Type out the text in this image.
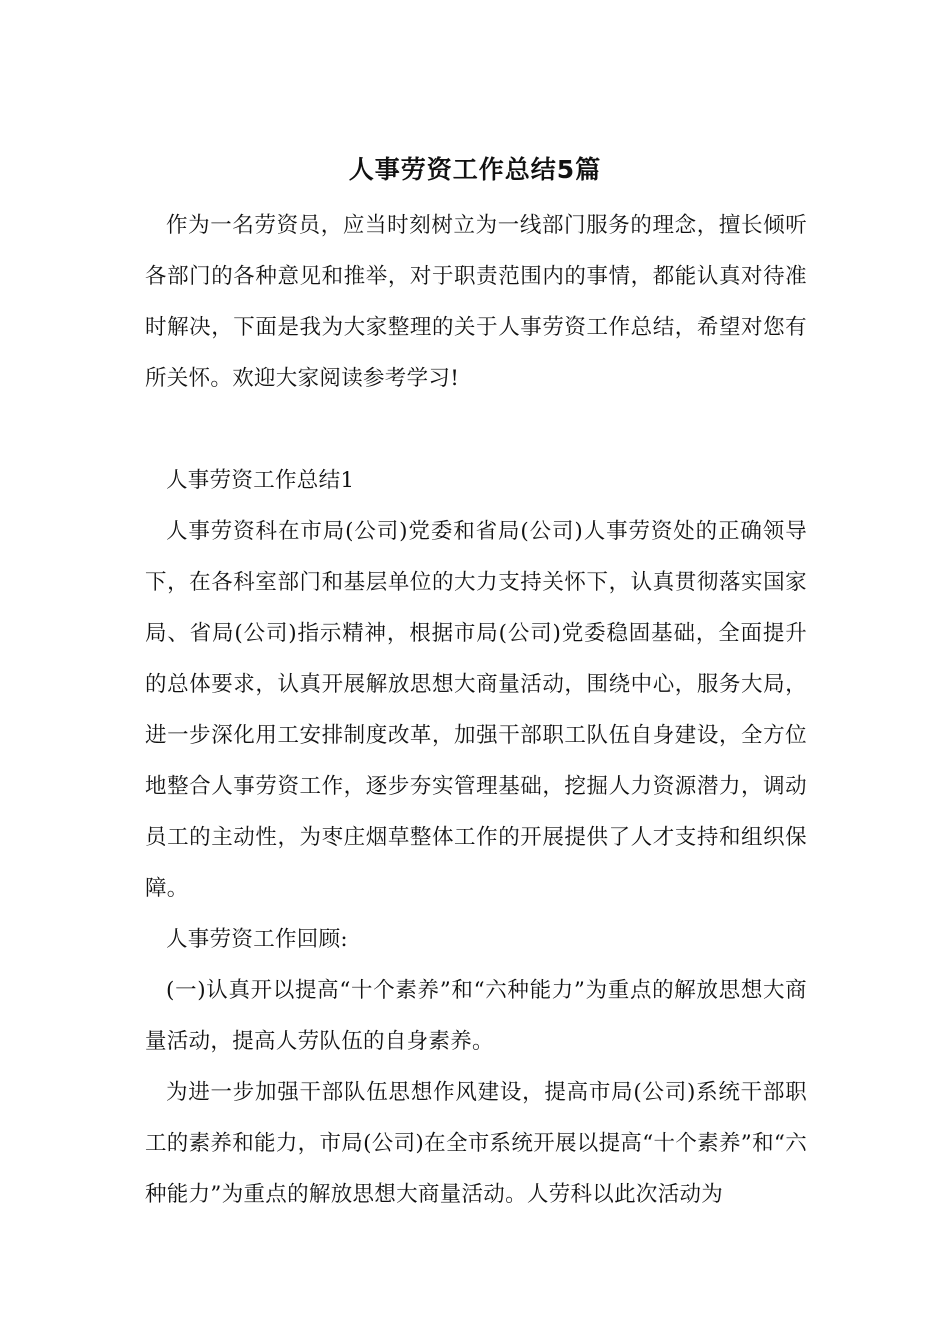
人事劳资工作总结5篇

作为一名劳资员，应当时刻树立为一线部门服务的理念，擅长倾听各部门的各种意见和推举，对于职责范围内的事情，都能认真对待准时解决，下面是我为大家整理的关于人事劳资工作总结，希望对您有所关怀。欢迎大家阅读参考学习!

人事劳资工作总结1

人事劳资科在市局(公司)党委和省局(公司)人事劳资处的正确领导下，在各科室部门和基层单位的大力支持关怀下，认真贯彻落实国家局、省局(公司)指示精神，根据市局(公司)党委稳固基础，全面提升的总体要求，认真开展解放思想大商量活动，围绕中心，服务大局，进一步深化用工安排制度改革，加强干部职工队伍自身建设，全方位地整合人事劳资工作，逐步夯实管理基础，挖掘人力资源潜力，调动员工的主动性，为枣庄烟草整体工作的开展提供了人才支持和组织保障。

人事劳资工作回顾:

(一)认真开以提高“十个素养”和“六种能力”为重点的解放思想大商量活动，提高人劳队伍的自身素养。

为进一步加强干部队伍思想作风建设，提高市局(公司)系统干部职工的素养和能力，市局(公司)在全市系统开展以提高“十个素养”和“六种能力”为重点的解放思想大商量活动。人劳科以此次活动为
